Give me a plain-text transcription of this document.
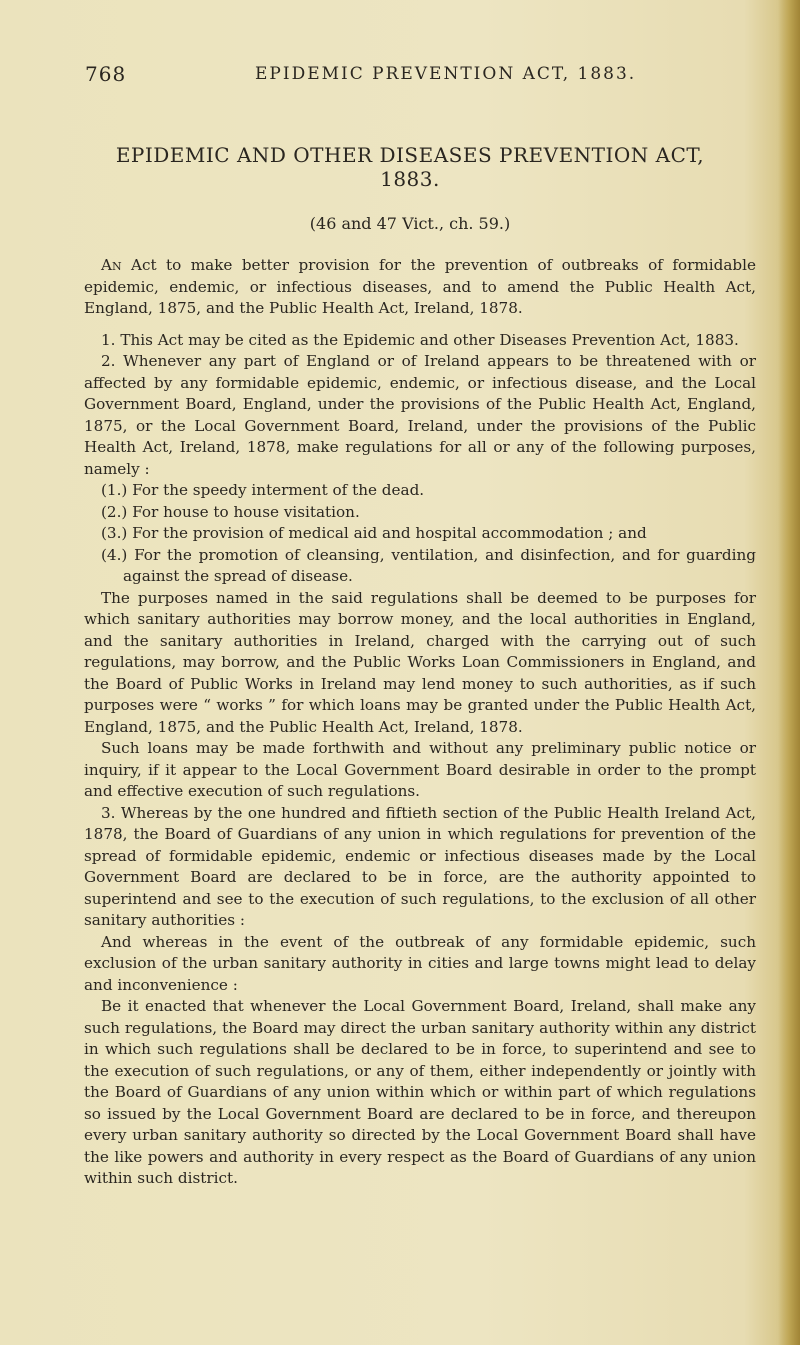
768	EPIDEMIC PREVENTION ACT, 1883.
EPIDEMIC AND OTHER DISEASES PREVENTION ACT, 1883.
(46 and 47 Vict., ch. 59.)

An Act to make better provision for the prevention of outbreaks of formidable epidemic, endemic, or infectious diseases, and to amend the Public Health Act, England, 1875, and the Public Health Act, Ireland, 1878.

1. This Act may be cited as the Epidemic and other Diseases Prevention Act, 1883.

2. Whenever any part of England or of Ireland appears to be threatened with or affected by any formidable epidemic, endemic, or infectious disease, and the Local Government Board, England, under the provisions of the Public Health Act, England, 1875, or the Local Government Board, Ireland, under the provisions of the Public Health Act, Ireland, 1878, make regulations for all or any of the following purposes, namely :

(1.) For the speedy interment of the dead.

(2.) For house to house visitation.

(3.) For the provision of medical aid and hospital accommodation ; and

(4.) For the promotion of cleansing, ventilation, and disinfection, and for guarding against the spread of disease.

The purposes named in the said regulations shall be deemed to be purposes for which sanitary authorities may borrow money, and the local authorities in England, and the sanitary authorities in Ireland, charged with the carrying out of such regulations, may borrow, and the Public Works Loan Commissioners in England, and the Board of Public Works in Ireland may lend money to such authorities, as if such purposes were “ works ” for which loans may be granted under the Public Health Act, England, 1875, and the Public Health Act, Ireland, 1878.

Such loans may be made forthwith and without any preliminary public notice or inquiry, if it appear to the Local Government Board desirable in order to the prompt and effective execution of such regulations.

3. Whereas by the one hundred and fiftieth section of the Public Health Ireland Act, 1878, the Board of Guardians of any union in which regulations for prevention of the spread of formidable epidemic, endemic or infectious diseases made by the Local Government Board are declared to be in force, are the authority appointed to superintend and see to the execution of such regulations, to the exclusion of all other sanitary authorities :

And whereas in the event of the outbreak of any formidable epidemic, such exclusion of the urban sanitary authority in cities and large towns might lead to delay and inconvenience :

Be it enacted that whenever the Local Government Board, Ireland, shall make any such regulations, the Board may direct the urban sanitary authority within any district in which such regulations shall be declared to be in force, to superintend and see to the execution of such regulations, or any of them, either independently or jointly with the Board of Guardians of any union within which or within part of which regulations so issued by the Local Government Board are declared to be in force, and thereupon every urban sanitary authority so directed by the Local Government Board shall have the like powers and authority in every respect as the Board of Guardians of any union within such district.
